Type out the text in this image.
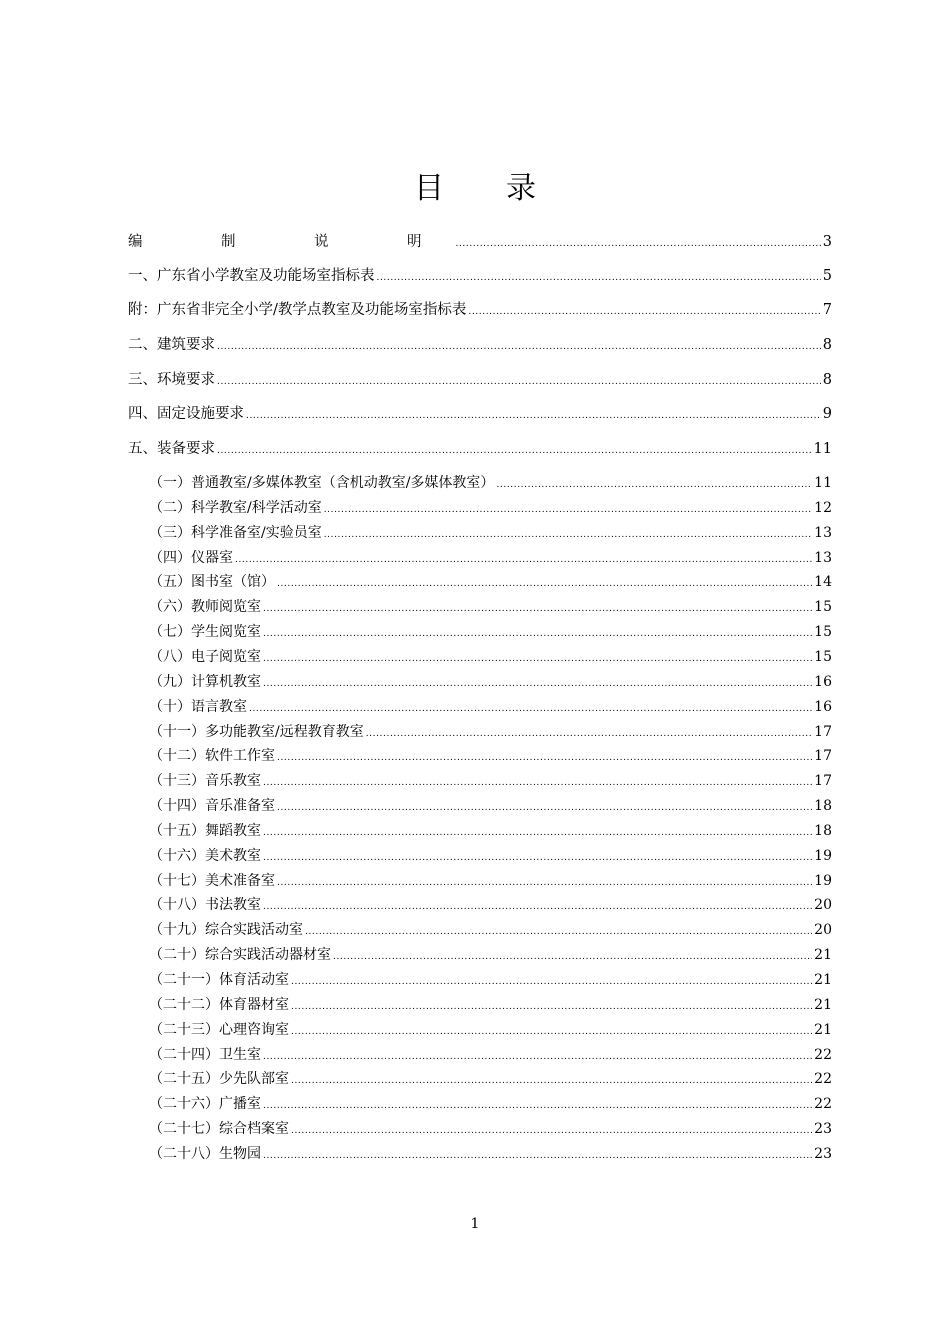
目 录
编　制　说　明 .....	3
一、广东省小学教室及功能场室指标表 .....	5
附：广东省非完全小学/教学点教室及功能场室指标表 .....	7
二、建筑要求 .....	8
三、环境要求 .....	8
四、固定设施要求 .....	9
五、装备要求 .....	11
（一）普通教室/多媒体教室（含机动教室/多媒体教室） .....	11
（二）科学教室/科学活动室 .....	12
（三）科学准备室/实验员室 .....	13
（四）仪器室 .....	13
（五）图书室（馆） .....	14
（六）教师阅览室 .....	15
（七）学生阅览室 .....	15
（八）电子阅览室 .....	15
（九）计算机教室 .....	16
（十）语言教室 .....	16
（十一）多功能教室/远程教育教室 .....	17
（十二）软件工作室 .....	17
（十三）音乐教室 .....	17
（十四）音乐准备室 .....	18
（十五）舞蹈教室 .....	18
（十六）美术教室 .....	19
（十七）美术准备室 .....	19
（十八）书法教室 .....	20
（十九）综合实践活动室 .....	20
（二十）综合实践活动器材室 .....	21
（二十一）体育活动室 .....	21
（二十二）体育器材室 .....	21
（二十三）心理咨询室 .....	21
（二十四）卫生室 .....	22
（二十五）少先队部室 .....	22
（二十六）广播室 .....	22
（二十七）综合档案室 .....	23
（二十八）生物园 .....	23
1
